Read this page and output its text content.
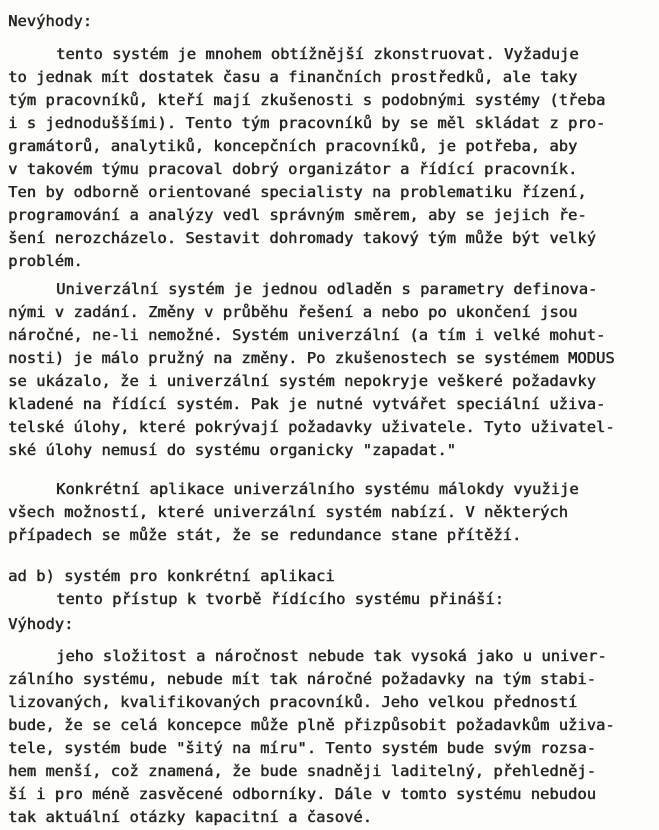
Nevýhody:
tento systém je mnohem obtížnější zkonstruovat. Vyžaduje
to jednak mít dostatek času a finančních prostředků, ale taky
tým pracovníků, kteří mají zkušenosti s podobnými systémy (třeba
i s jednoduššími). Tento tým pracovníků by se měl skládat z pro-
gramátorů, analytiků, koncepčních pracovníků, je potřeba, aby
v takovém týmu pracoval dobrý organizátor a řídící pracovník.
Ten by odborně orientované specialisty na problematiku řízení,
programování a analýzy vedl správným směrem, aby se jejich ře-
šení nerozcházelo. Sestavit dohromady takový tým může být velký
problém.
Univerzální systém je jednou odladěn s parametry definova-
nými v zadání. Změny v průběhu řešení a nebo po ukončení jsou
náročné, ne-li nemožné. Systém univerzální (a tím i velké mohut-
nosti) je málo pružný na změny. Po zkušenostech se systémem MODUS
se ukázalo, že i univerzální systém nepokryje veškeré požadavky
kladené na řídící systém. Pak je nutné vytvářet speciální uživa-
telské úlohy, které pokrývají požadavky uživatele. Tyto uživatel-
ské úlohy nemusí do systému organicky "zapadat."
Konkrétní aplikace univerzálního systému málokdy využije
všech možností, které univerzální systém nabízí. V některých
případech se může stát, že se redundance stane přítěží.
ad b) systém pro konkrétní aplikaci
tento přístup k tvorbě řídícího systému přináší:
Výhody:
jeho složitost a náročnost nebude tak vysoká jako u univer-
zálního systému, nebude mít tak náročné požadavky na tým stabi-
lizovaných, kvalifikovaných pracovníků. Jeho velkou předností
bude, že se celá koncepce může plně přizpůsobit požadavkům uživa-
tele, systém bude "šitý na míru". Tento systém bude svým rozsa-
hem menší, což znamená, že bude snadněji laditelný, přehledněj-
ší i pro méně zasvěcené odborníky. Dále v tomto systému nebudou
tak aktuální otázky kapacitní a časové.
